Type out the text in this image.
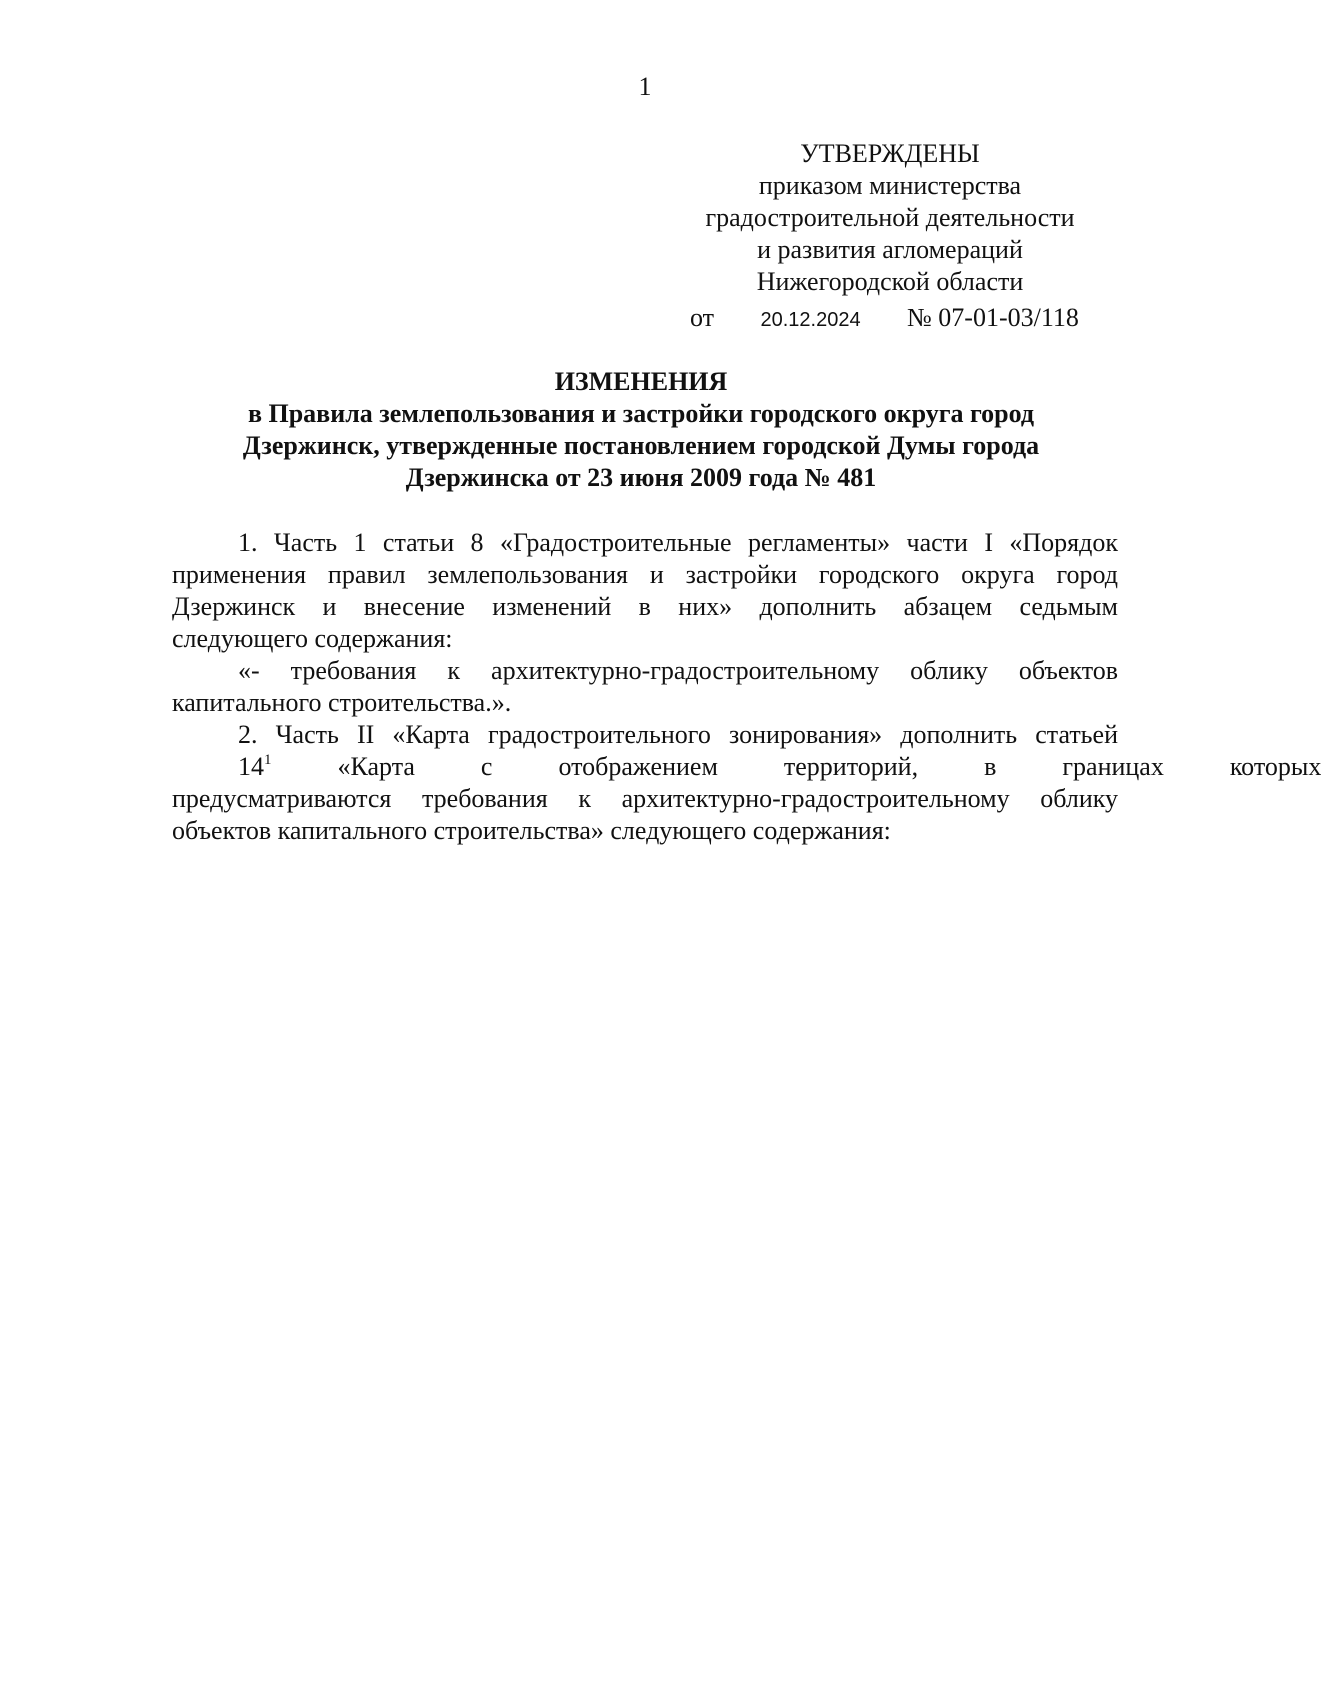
1
УТВЕРЖДЕНЫ
приказом министерства
градостроительной деятельности
и развития агломераций
Нижегородской области
от 20.12.2024 № 07-01-03/118
ИЗМЕНЕНИЯ
в Правила землепользования и застройки городского округа город
Дзержинск, утвержденные постановлением городской Думы города
Дзержинска от 23 июня 2009 года № 481
1. Часть 1 статьи 8 «Градостроительные регламенты» части I «Порядок
применения правил землепользования и застройки городского округа город
Дзержинск и внесение изменений в них» дополнить абзацем седьмым
следующего содержания:
«- требования к архитектурно-градостроительному облику объектов
капитального строительства.».
2. Часть II «Карта градостроительного зонирования» дополнить статьей
$14^1$	«Карта	с	отображением	территорий,	в	границах	которых
предусматриваются требования к архитектурно-градостроительному облику
объектов капитального строительства» следующего содержания:
